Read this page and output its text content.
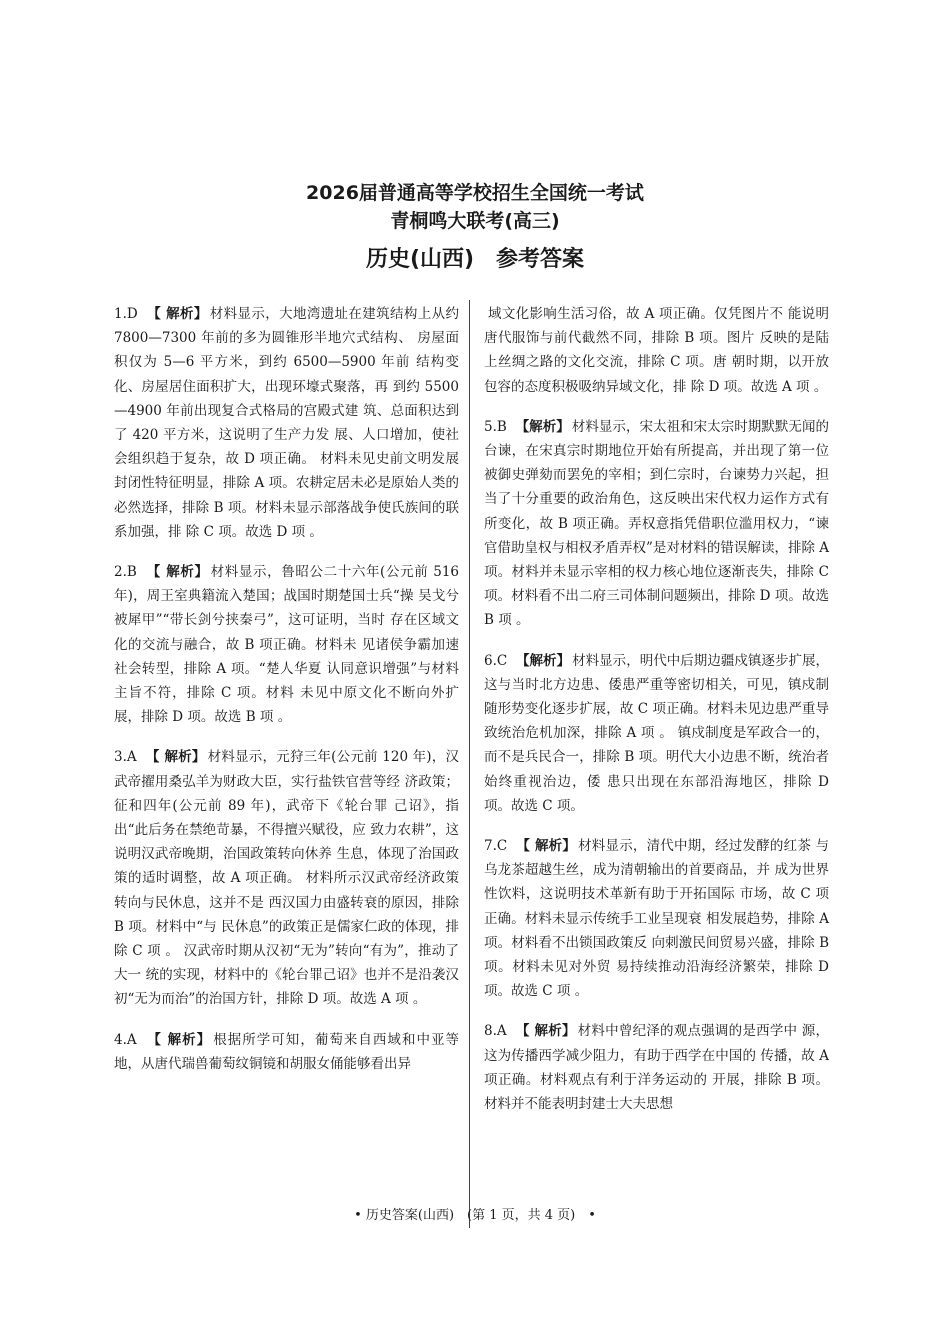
2026届普通高等学校招生全国统一考试
青桐鸣大联考(高三)
历史(山西)　参考答案
1.D　【 解析】 材料显示，大地湾遗址在建筑结构上从约 7800—7300 年前的多为圆锥形半地穴式结构、 房屋面积仅为 5—6 平方米，到约 6500—5900 年前 结构变化、房屋居住面积扩大，出现环壕式聚落，再 到约 5500—4900 年前出现复合式格局的宫殿式建 筑、总面积达到了 420 平方米，这说明了生产力发 展、人口增加，使社会组织趋于复杂，故 D 项正确。 材料未见史前文明发展封闭性特征明显，排除 A 项。农耕定居未必是原始人类的必然选择，排除 B 项。材料未显示部落战争使氏族间的联系加强，排 除 C 项。故选 D 项 。
2.B　【 解析】 材料显示，鲁昭公二十六年(公元前 516 年)，周王室典籍流入楚国；战国时期楚国士兵“操 吴戈兮被犀甲”“带长剑兮挟秦弓”，这可证明，当时 存在区域文化的交流与融合，故 B 项正确。材料未 见诸侯争霸加速社会转型，排除 A 项。“楚人华夏 认同意识增强”与材料主旨不符，排除 C 项。材料 未见中原文化不断向外扩展，排除 D 项。故选 B 项 。
3.A　【 解析】 材料显示，元狩三年(公元前 120 年)，汉武帝擢用桑弘羊为财政大臣，实行盐铁官营等经 济政策；征和四年(公元前 89 年)，武帝下《轮台罪 己诏》，指出“此后务在禁绝苛暴，不得擅兴赋役，应 致力农耕”，这说明汉武帝晚期，治国政策转向休养 生息，体现了治国政策的适时调整，故 A 项正确。 材料所示汉武帝经济政策转向与民休息，这并不是 西汉国力由盛转衰的原因，排除 B 项。材料中“与 民休息”的政策正是儒家仁政的体现，排除 C 项 。 汉武帝时期从汉初“无为”转向“有为”，推动了大一 统的实现，材料中的《轮台罪己诏》也并不是沿袭汉 初“无为而治”的治国方针，排除 D 项。故选 A 项 。
4.A　【 解析】 根据所学可知，葡萄来自西域和中亚等 地，从唐代瑞兽葡萄纹铜镜和胡服女俑能够看出异
域文化影响生活习俗，故 A 项正确。仅凭图片不 能说明唐代服饰与前代截然不同，排除 B 项。图片 反映的是陆上丝绸之路的文化交流，排除 C 项。唐 朝时期，以开放包容的态度积极吸纳异域文化，排 除 D 项。故选 A 项 。
5.B　【解析】 材料显示，宋太祖和宋太宗时期默默无闻的台谏，在宋真宗时期地位开始有所提高，并出现了第一位被御史弹劾而罢免的宰相；到仁宗时，台谏势力兴起，担当了十分重要的政治角色，这反映出宋代权力运作方式有所变化，故 B 项正确。弄权意指凭借职位滥用权力，“谏官借助皇权与相权矛盾弄权”是对材料的错误解读，排除 A 项。材料并未显示宰相的权力核心地位逐渐丧失，排除 C 项。材料看不出二府三司体制问题频出，排除 D 项。故选 B 项 。
6.C　【解析】 材料显示，明代中后期边疆戍镇逐步扩展，这与当时北方边患、倭患严重等密切相关，可见，镇戍制随形势变化逐步扩展，故 C 项正确。材料未见边患严重导致统治危机加深，排除 A 项 。 镇戍制度是军政合一的，而不是兵民合一，排除 B 项。明代大小边患不断，统治者始终重视治边，倭 患只出现在东部沿海地区，排除 D 项。故选 C 项。
7.C　【 解析】 材料显示，清代中期，经过发酵的红茶 与乌龙茶超越生丝，成为清朝输出的首要商品，并 成为世界性饮料，这说明技术革新有助于开拓国际 市场，故 C 项正确。材料未显示传统手工业呈现衰 相发展趋势，排除 A 项。材料看不出锁国政策反 向刺激民间贸易兴盛，排除 B 项。材料未见对外贸 易持续推动沿海经济繁荣，排除 D 项。故选 C 项 。
8.A　【 解析】 材料中曾纪泽的观点强调的是西学中 源，这为传播西学减少阻力，有助于西学在中国的 传播，故 A 项正确。材料观点有利于洋务运动的 开展，排除 B 项。材料并不能表明封建士大夫思想
• 历史答案(山西)　(第 1 页，共 4 页)　•
